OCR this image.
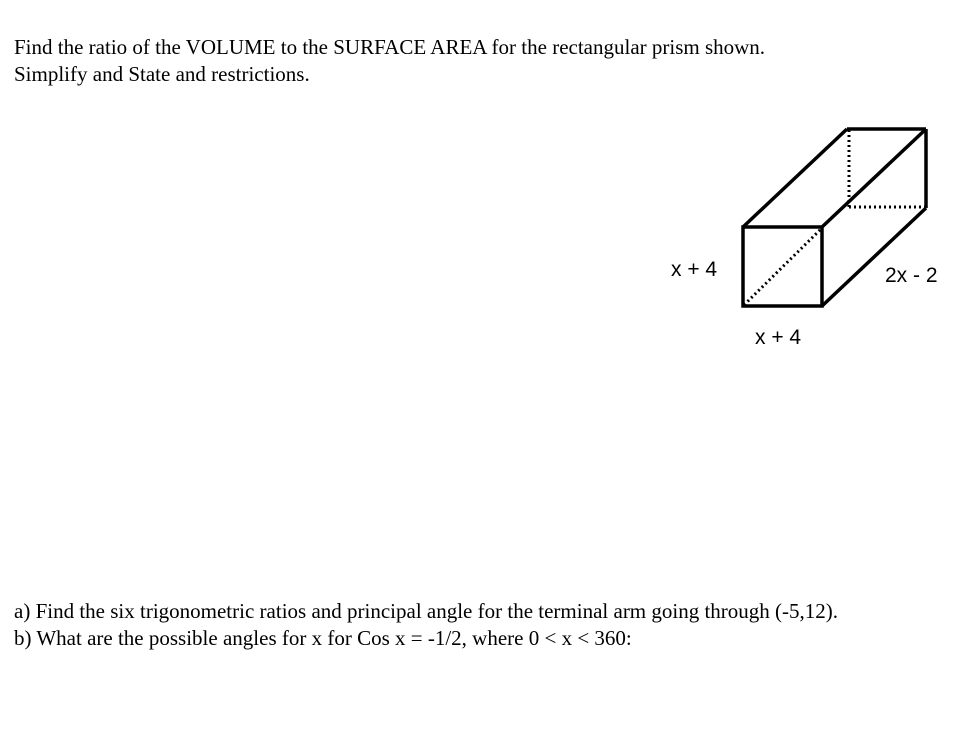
Find the ratio of the VOLUME to the SURFACE AREA for the rectangular prism shown.
Simplify and State and restrictions.
x + 4
x + 4
2x - 2
a) Find the six trigonometric ratios and principal angle for the terminal arm going through (-5,12).
b) What are the possible angles for x for Cos x = -1/2, where 0 < x < 360:
